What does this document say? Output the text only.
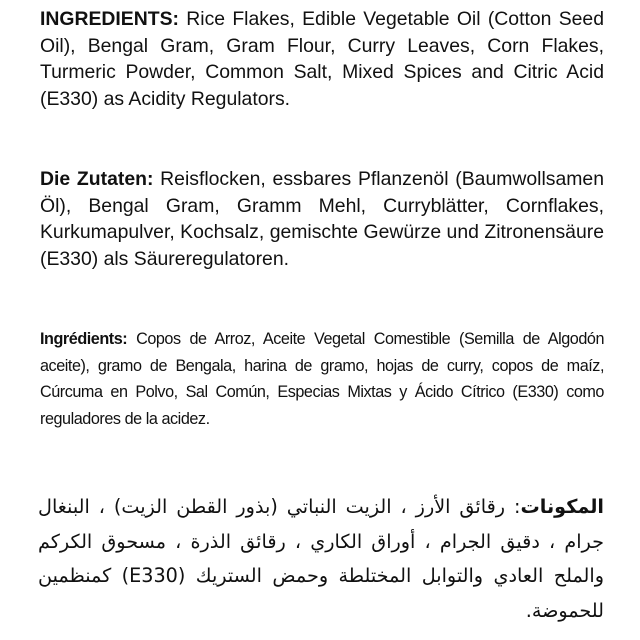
INGREDIENTS: Rice Flakes, Edible Vegetable Oil (Cotton Seed Oil), Bengal Gram, Gram Flour, Curry Leaves, Corn Flakes, Turmeric Powder, Common Salt, Mixed Spices and Citric Acid (E330) as Acidity Regulators.

Die Zutaten: Reisflocken, essbares Pflanzenöl (Baumwollsamen Öl), Bengal Gram, Gramm Mehl, Curryblätter, Cornflakes, Kurkumapulver, Kochsalz, gemischte Gewürze und Zitronensäure (E330) als Säureregulatoren.

Ingrédients: Copos de Arroz, Aceite Vegetal Comestible (Semilla de Algodón aceite), gramo de Bengala, harina de gramo, hojas de curry, copos de maíz, Cúrcuma en Polvo, Sal Común, Especias Mixtas y Ácido Cítrico (E330) como reguladores de la acidez.

المكونات: رقائق الأرز ، الزيت النباتي (بذور القطن الزيت) ، البنغال جرام ، دقيق الجرام ، أوراق الكاري ، رقائق الذرة ، مسحوق الكركم والملح العادي والتوابل المختلطة وحمض الستريك (E330) كمنظمين للحموضة.
